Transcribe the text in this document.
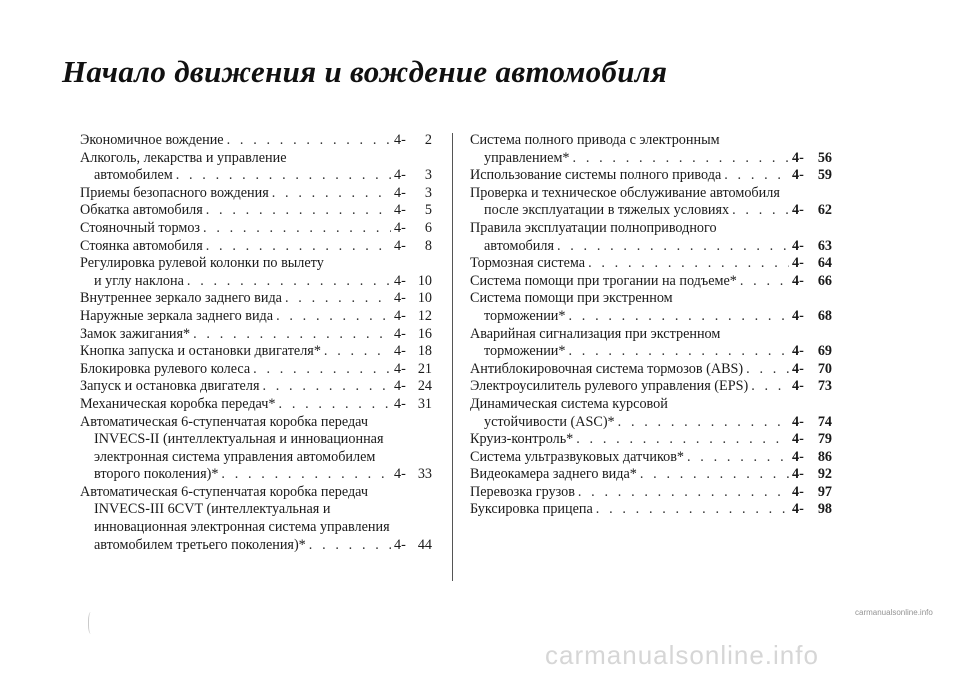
Начало движения и вождение автомобиля
Экономичное вождение . . .	4- 2
Алкоголь, лекарства и управление
автомобилем . . .	4- 3
Приемы безопасного вождения . . .	4- 3
Обкатка автомобиля . . .	4- 5
Стояночный тормоз . . .	4- 6
Стоянка автомобиля . . .	4- 8
Регулировка рулевой колонки по вылету
и углу наклона . . .	4- 10
Внутреннее зеркало заднего вида . . .	4- 10
Наружные зеркала заднего вида . . .	4- 12
Замок зажигания* . . .	4- 16
Кнопка запуска и остановки двигателя* . . .	4- 18
Блокировка рулевого колеса . . .	4- 21
Запуск и остановка двигателя . . .	4- 24
Механическая коробка передач* . . .	4- 31
Автоматическая 6-ступенчатая коробка передач
INVECS-II (интеллектуальная и инновационная
электронная система управления автомобилем
второго поколения)* . . .	4- 33
Автоматическая 6-ступенчатая коробка передач
INVECS-III 6CVT (интеллектуальная и
инновационная электронная система управления
автомобилем третьего поколения)* . . .	4- 44
Система полного привода с электронным
управлением* . . .	4- 56
Использование системы полного привода . . .	4- 59
Проверка и техническое обслуживание автомобиля
после эксплуатации в тяжелых условиях . . .	4- 62
Правила эксплуатации полноприводного
автомобиля . . .	4- 63
Тормозная система . . .	4- 64
Система помощи при трогании на подъеме* . . .	4- 66
Система помощи при экстренном
торможении* . . .	4- 68
Аварийная сигнализация при экстренном
торможении* . . .	4- 69
Антиблокировочная система тормозов (ABS) . . .	4- 70
Электроусилитель рулевого управления (EPS) . . .	4- 73
Динамическая система курсовой
устойчивости (ASC)* . . .	4- 74
Круиз-контроль* . . .	4- 79
Система ультразвуковых датчиков* . . .	4- 86
Видеокамера заднего вида* . . .	4- 92
Перевозка грузов . . .	4- 97
Буксировка прицепа . . .	4- 98
carmanualsonline.info
carmanualsonline.info
